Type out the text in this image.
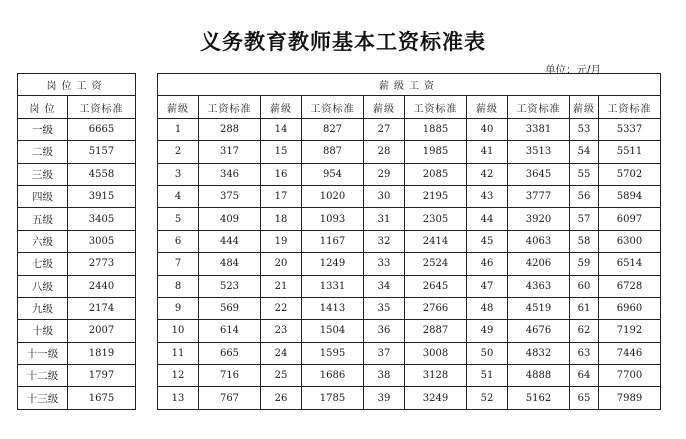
义务教育教师基本工资标准表
单位：元/月
岗位工资	
岗 位	工资标准
一级	6665
二级	5157
三级	4558
四级	3915
五级	3405
六级	3005
七级	2773
八级	2440
九级	2174
十级	2007
十一级	1819
十二级	1797
十三级	1675
薪级工资									
薪级	工资标准	薪级	工资标准	薪级	工资标准	薪级	工资标准	薪级	工资标准
1	288	14	827	27	1885	40	3381	53	5337
2	317	15	887	28	1985	41	3513	54	5511
3	346	16	954	29	2085	42	3645	55	5702
4	375	17	1020	30	2195	43	3777	56	5894
5	409	18	1093	31	2305	44	3920	57	6097
6	444	19	1167	32	2414	45	4063	58	6300
7	484	20	1249	33	2524	46	4206	59	6514
8	523	21	1331	34	2645	47	4363	60	6728
9	569	22	1413	35	2766	48	4519	61	6960
10	614	23	1504	36	2887	49	4676	62	7192
11	665	24	1595	37	3008	50	4832	63	7446
12	716	25	1686	38	3128	51	4888	64	7700
13	767	26	1785	39	3249	52	5162	65	7989
